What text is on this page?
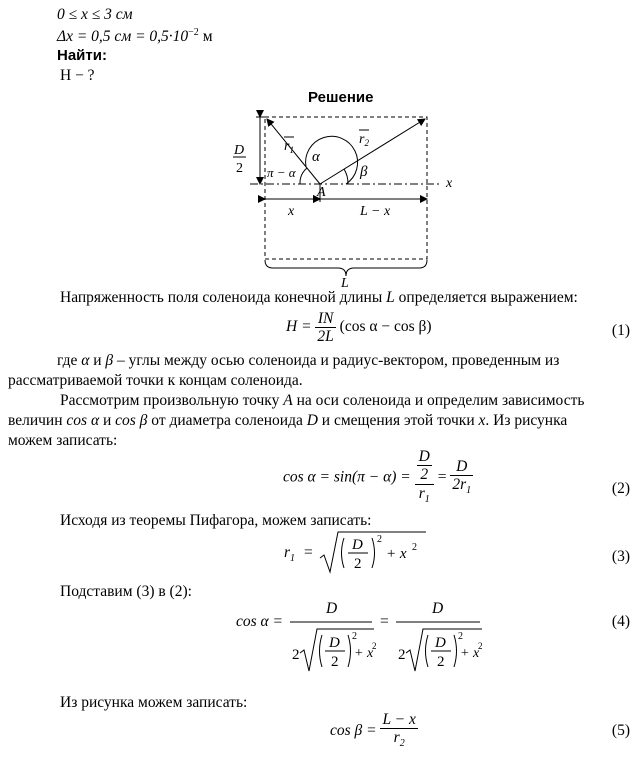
0 ≤ x ≤ 3 см
Δx = 0,5 см = $0,5\cdot 10^{-2}$ м
Найти:
H − ?
Решение
D
2
$r_1$
$r_2$
α
π − α	β
A
x
x	L − x
L
Напряженность поля соленоида конечной длины L определяется выражением:
$H = \frac{IN}{2L} (\cos$ α − cos β)	(1)
где α и β – углы между осью соленоида и радиус-вектором, проведенным из
рассматриваемой точки к концам соленоида.
Рассмотрим произвольную точку A на оси соленоида и определим зависимость
величин cos α и cos β от диаметра соленоида D и смещения этой точки x. Из рисунка
можем записать:
$\cos \alpha = \sin(\pi - \alpha) = \frac{\frac{D}{2}}{r_1} = \frac{D}{2r_1}$	(2)
Исходя из теоремы Пифагора, можем записать:
$r_1$ =	D
2
2
+ x 2
(3)
Подставим (3) в (2):
cos α =
D
=
D
2
D
2
2
+ x
2
2
D
2
2
+ x
2
(4)
Из рисунка можем записать:
$\cos \beta = \frac{L - x}{r_2}$	(5)
